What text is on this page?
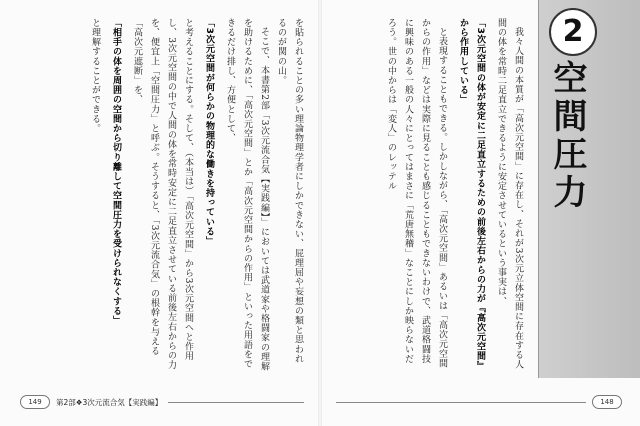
2
空間圧力

我々人間の本質が「高次元空間」に存在し、それが3次元立体空間に存在する人間の体を常時二足直立できるように安定させているという事実は、

「3次元空間の体が安定に二足直立するための前後左右からの力が『高次元空間』から作用している」

と表現することもできる。しかしながら、「高次元空間」あるいは「高次元空間からの作用」などは実際に見ることも感じることもできないわけで、武道格闘技に興味のある一般の人々にとってはまさに「荒唐無稽」なことにしか映らないだろう。世の中からは「変人」のレッテル

を貼られることの多い理論物理学者にしかできない、屁理屈や妄想の類と思われるのが関の山。

そこで、本書第2部「3次元流合気【実践編】」においては武道家や格闘家の理解を助けるために、「高次元空間」とか「高次元空間からの作用」といった用語をできるだけ排し、方便として、

「3次元空間が何らかの物理的な働きを持っている」

と考えることにする。そして、（本当は）「高次元空間」から3次元空間へと作用し、3次元空間の中で人間の体を常時安定に二足直立させている前後左右からの力を、便宜上「空間圧力」と呼ぶ。そうすると、「3次元流合気」の根幹を与える「高次元遮断」を、

「相手の体を周囲の空間から切り離して空間圧力を受けられなくする」

と理解することができる。

149	第2部❖3次元流合気【実践編】	148
